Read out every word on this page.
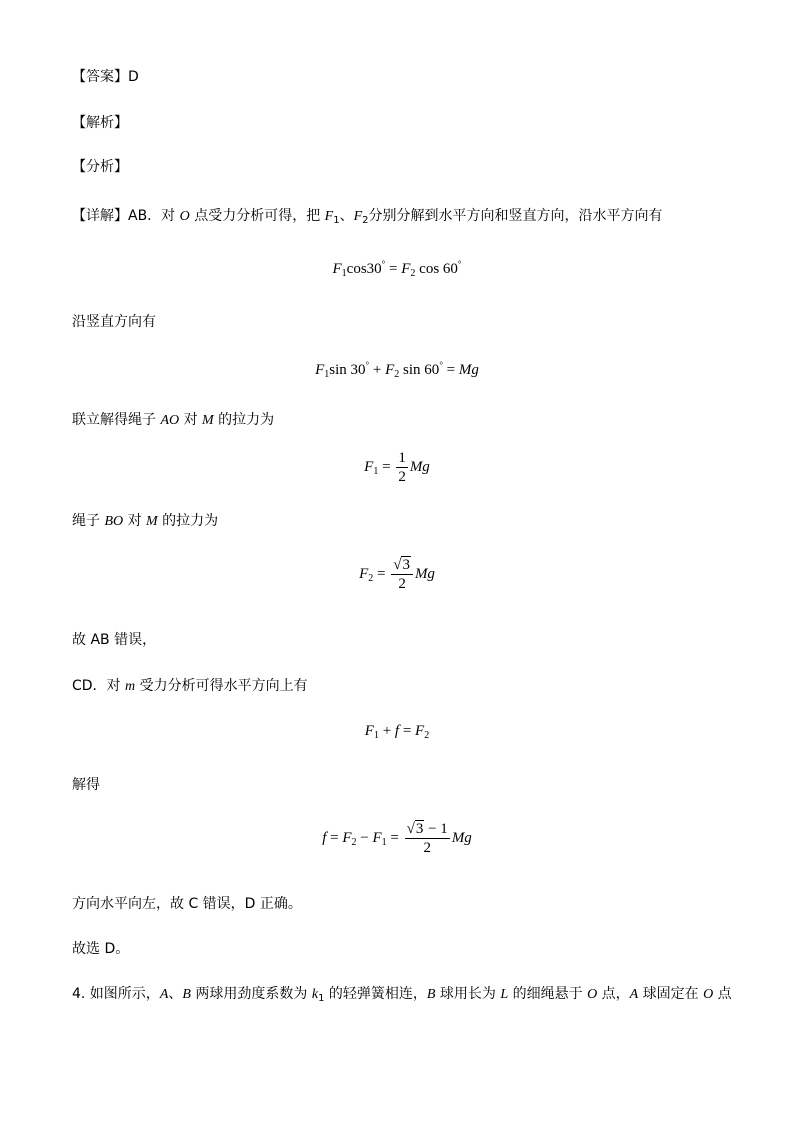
【答案】D
【解析】
【分析】
【详解】AB．对 O 点受力分析可得，把 $F_1$、$F_2$分别分解到水平方向和竖直方向，沿水平方向有
$F_1\cos 30^\circ = F_2$ cos 60°
沿竖直方向有
$F_1\sin$ $30^\circ + F_2$ sin 60° = Mg
联立解得绳子 AO 对 M 的拉力为
$F_1 = \frac{1}{2}$ Mg
绳子 BO 对 M 的拉力为
$F_2 = \frac{√3}{2}$ Mg
故 AB 错误，
CD．对 m 受力分析可得水平方向上有
$F_1 + f = F_2$
解得
$f = F_2 - F_1 = \frac{√3 - 1}{2}$ Mg
方向水平向左，故 C 错误，D 正确。
故选 D。
4. 如图所示，A、B 两球用劲度系数为 $k_1$ 的轻弹簧相连，B 球用长为 L 的细绳悬于 O 点，A 球固定在 O 点
